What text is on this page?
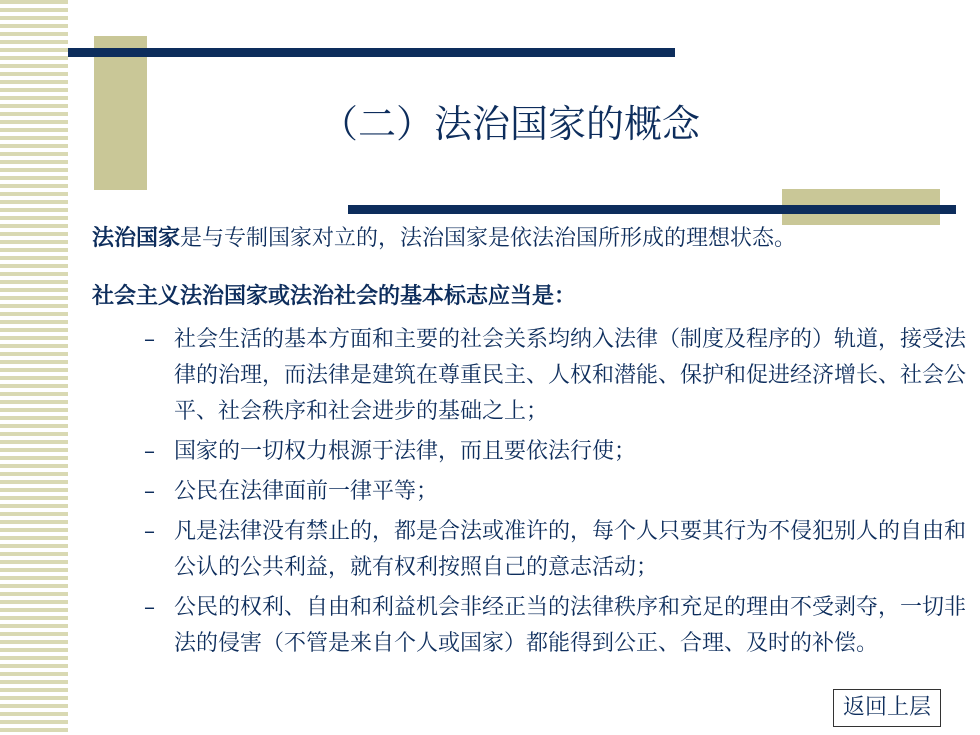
（二）法治国家的概念

法治国家是与专制国家对立的，法治国家是依法治国所形成的理想状态。

社会主义法治国家或法治社会的基本标志应当是：

– 社会生活的基本方面和主要的社会关系均纳入法律（制度及程序的）轨道，接受法律的治理，而法律是建筑在尊重民主、人权和潜能、保护和促进经济增长、社会公平、社会秩序和社会进步的基础之上；
– 国家的一切权力根源于法律，而且要依法行使；
– 公民在法律面前一律平等；
– 凡是法律没有禁止的，都是合法或准许的，每个人只要其行为不侵犯别人的自由和公认的公共利益，就有权利按照自己的意志活动；
– 公民的权利、自由和利益机会非经正当的法律秩序和充足的理由不受剥夺，一切非法的侵害（不管是来自个人或国家）都能得到公正、合理、及时的补偿。
返回上层
